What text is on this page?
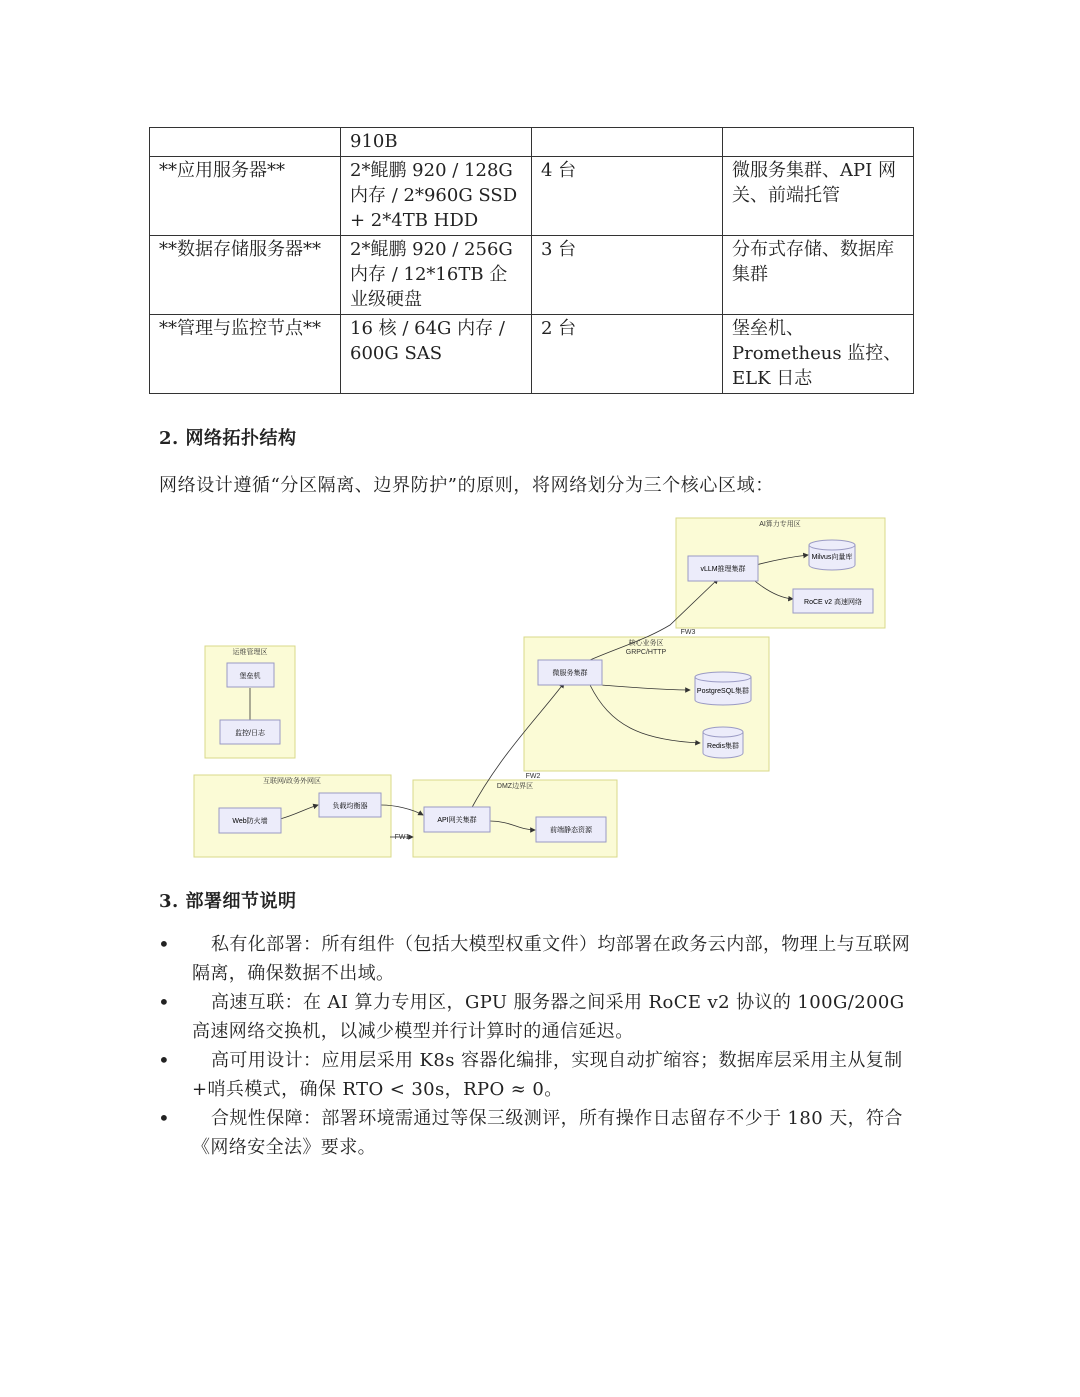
	910B		
**应用服务器**	2*鲲鹏 920 / 128G 内存 / 2*960G SSD + 2*4TB HDD	4 台	微服务集群、API 网关、前端托管
**数据存储服务器**	2*鲲鹏 920 / 256G 内存 / 12*16TB 企业级硬盘	3 台	分布式存储、数据库集群
**管理与监控节点**	16 核 / 64G 内存 / 600G SAS	2 台	堡垒机、Prometheus 监控、ELK 日志
2. 网络拓扑结构
网络设计遵循“分区隔离、边界防护”的原则，将网络划分为三个核心区域：
运维管理区
互联网/政务外网区
DMZ边界区
核心业务区
AI算力专用区
FW1
FW2
FW3
GRPC/HTTP
堡垒机
监控/日志
Web防火墙
负载均衡器
API网关集群
前端静态资源
微服务集群
vLLM推理集群
RoCE v2 高速网络
Milvus向量库
PostgreSQL集群
Redis集群
3. 部署细节说明
• 私有化部署：所有组件（包括大模型权重文件）均部署在政务云内部，物理上与互联网隔离，确保数据不出域。
• 高速互联：在 AI 算力专用区，GPU 服务器之间采用 RoCE v2 协议的 100G/200G 高速网络交换机，以减少模型并行计算时的通信延迟。
• 高可用设计：应用层采用 K8s 容器化编排，实现自动扩缩容；数据库层采用主从复制+哨兵模式，确保 RTO < 30s，RPO ≈ 0。
• 合规性保障：部署环境需通过等保三级测评，所有操作日志留存不少于 180 天，符合《网络安全法》要求。
